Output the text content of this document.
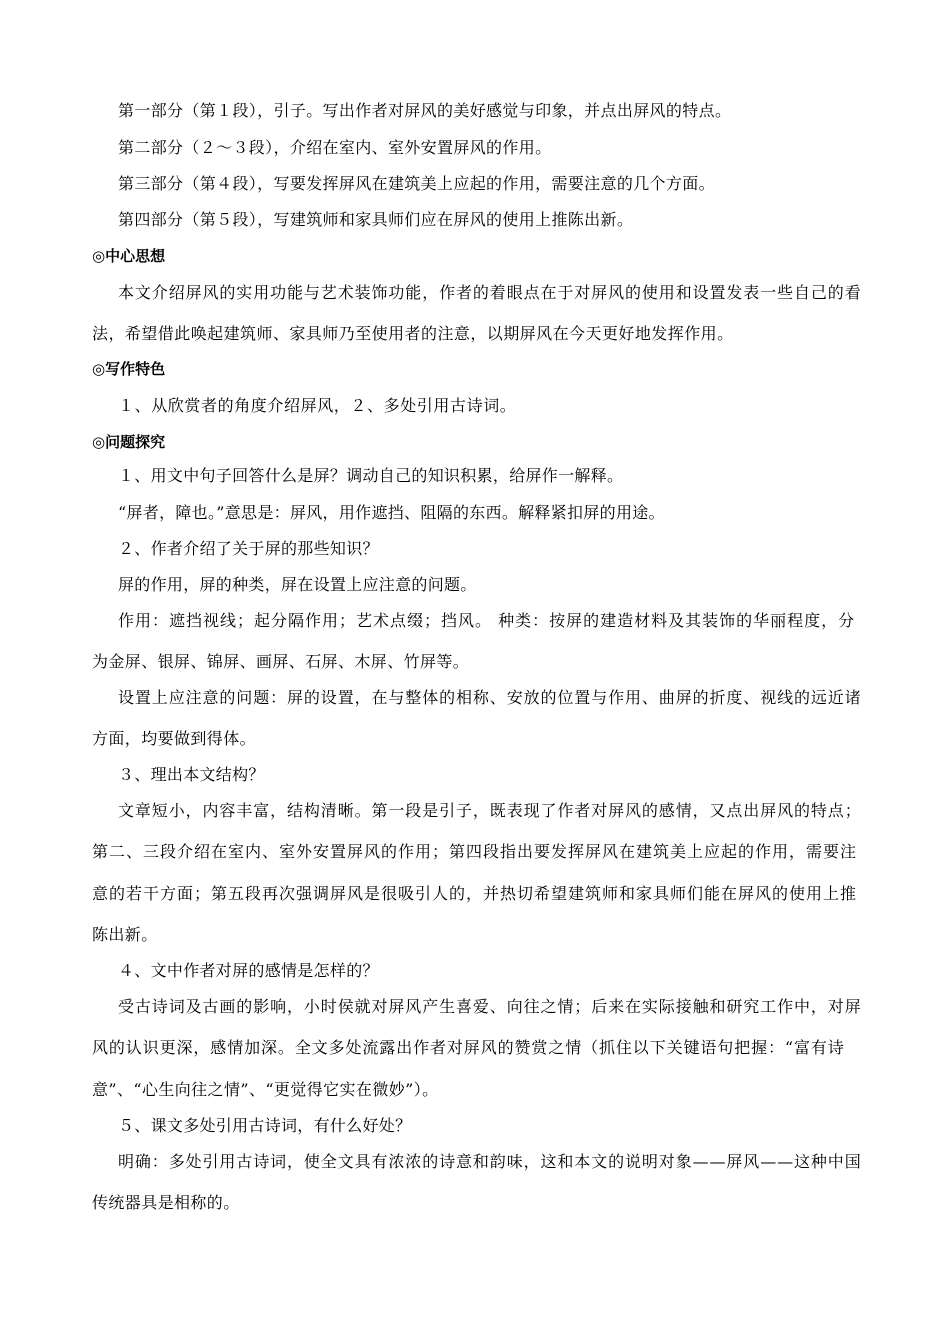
第一部分（第１段），引子。写出作者对屏风的美好感觉与印象，并点出屏风的特点。
第二部分（２～３段），介绍在室内、室外安置屏风的作用。
第三部分（第４段），写要发挥屏风在建筑美上应起的作用，需要注意的几个方面。
第四部分（第５段），写建筑师和家具师们应在屏风的使用上推陈出新。
◎中心思想
本文介绍屏风的实用功能与艺术装饰功能，作者的着眼点在于对屏风的使用和设置发表一些自己的看
法，希望借此唤起建筑师、家具师乃至使用者的注意，以期屏风在今天更好地发挥作用。
◎写作特色
１、从欣赏者的角度介绍屏风，２、多处引用古诗词。
◎问题探究
１、用文中句子回答什么是屏？调动自己的知识积累，给屏作一解释。
“屏者，障也。”意思是：屏风，用作遮挡、阻隔的东西。解释紧扣屏的用途。
２、作者介绍了关于屏的那些知识？
屏的作用，屏的种类，屏在设置上应注意的问题。
作用：遮挡视线；起分隔作用；艺术点缀；挡风。 种类：按屏的建造材料及其装饰的华丽程度，分
为金屏、银屏、锦屏、画屏、石屏、木屏、竹屏等。
设置上应注意的问题：屏的设置，在与整体的相称、安放的位置与作用、曲屏的折度、视线的远近诸
方面，均要做到得体。
３、理出本文结构？
文章短小，内容丰富，结构清晰。第一段是引子，既表现了作者对屏风的感情，又点出屏风的特点；
第二、三段介绍在室内、室外安置屏风的作用；第四段指出要发挥屏风在建筑美上应起的作用，需要注
意的若干方面；第五段再次强调屏风是很吸引人的，并热切希望建筑师和家具师们能在屏风的使用上推
陈出新。
４、文中作者对屏的感情是怎样的？
受古诗词及古画的影响，小时侯就对屏风产生喜爱、向往之情；后来在实际接触和研究工作中，对屏
风的认识更深，感情加深。全文多处流露出作者对屏风的赞赏之情（抓住以下关键语句把握：“富有诗
意”、“心生向往之情”、“更觉得它实在微妙”）。
５、课文多处引用古诗词，有什么好处？
明确：多处引用古诗词，使全文具有浓浓的诗意和韵味，这和本文的说明对象——屏风——这种中国
传统器具是相称的。
